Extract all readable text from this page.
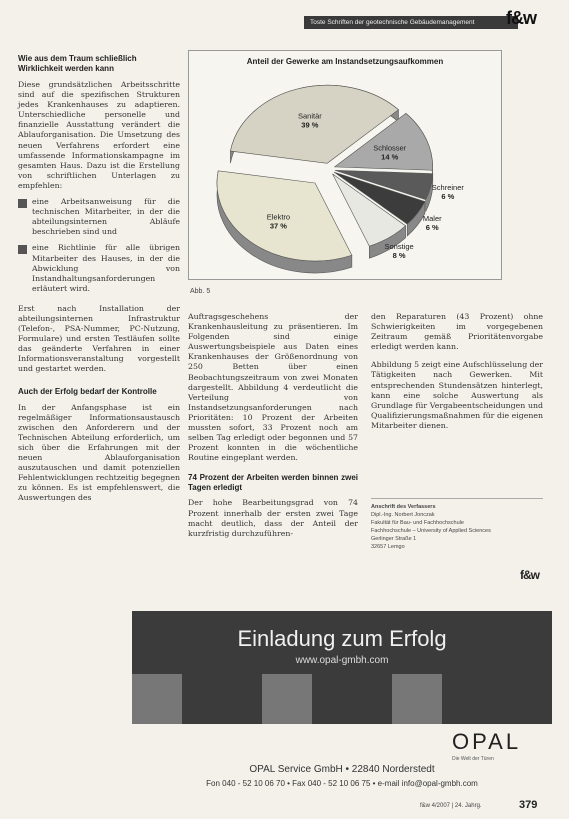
Toste Schriften der geotechnische Gebäudemanagement	f&w
Wie aus dem Traum schließlich Wirklichkeit werden kann

Diese grundsätzlichen Arbeitsschritte sind auf die spezifischen Strukturen jedes Krankenhauses zu adaptieren. Unterschiedliche personelle und finanzielle Ausstattung verändert die Ablauforganisation. Die Umsetzung des neuen Verfahrens erfordert eine umfassende Informationskampagne im gesamten Haus. Dazu ist die Erstellung von schriftlichen Unterlagen zu empfehlen:

eine Arbeitsanweisung für die technischen Mitarbeiter, in der die abteilungsinternen Abläufe beschrieben sind und

eine Richtlinie für alle übrigen Mitarbeiter des Hauses, in der die Abwicklung von Instandhaltungsanforderungen erläutert wird.

Erst nach Installation der abteilungsinternen Infrastruktur (Telefon-, PSA-Nummer, PC-Nutzung, Formulare) und ersten Testläufen sollte das geänderte Verfahren in einer Informationsveranstaltung vorgestellt und gestartet werden.

Auch der Erfolg bedarf der Kontrolle

In der Anfangsphase ist ein regelmäßiger Informationsaustausch zwischen den Anforderern und der Technischen Abteilung erforderlich, um sich über die Erfahrungen mit der neuen Ablauforganisation auszutauschen und damit potenziellen Fehlentwicklungen rechtzeitig begegnen zu können. Es ist empfehlenswert, die Auswertungen des

Anteil der Gewerke am Instandsetzungsaufkommen
Sanitär
39 %
Schlosser
14 %
Schreiner
6 %
Maler
6 %
Sonstige
8 %
Elektro
37 %
Abb. 5

Auftragsgeschehens der Krankenhausleitung zu präsentieren. Im Folgenden sind einige Auswertungsbeispiele aus Daten eines Krankenhauses der Größenordnung von 250 Betten über einen Beobachtungszeitraum von zwei Monaten dargestellt. Abbildung 4 verdeutlicht die Verteilung von Instandsetzungsanforderungen nach Prioritäten: 10 Prozent der Arbeiten mussten sofort, 33 Prozent noch am selben Tag erledigt oder begonnen und 57 Prozent konnten in die wöchentliche Routine eingeplant werden.

74 Prozent der Arbeiten werden binnen zwei Tagen erledigt

Der hohe Bearbeitungsgrad von 74 Prozent innerhalb der ersten zwei Tage macht deutlich, dass der Anteil der kurzfristig durchzuführen-

den Reparaturen (43 Prozent) ohne Schwierigkeiten im vorgegebenen Zeitraum gemäß Prioritätenvorgabe erledigt werden kann.

Abbildung 5 zeigt eine Aufschlüsselung der Tätigkeiten nach Gewerken. Mit entsprechenden Stundensätzen hinterlegt, kann eine solche Auswertung als Grundlage für Vergabeentscheidungen und Qualifizierungsmaßnahmen für die eigenen Mitarbeiter dienen.

Anschrift des Verfassers
Dipl.-Ing. Norbert Jonczak
Fakultät für Bau- und Fachhochschule
Fachhochschule – University of Applied Sciences
Gerlinger Straße 1
32657 Lemgo
f&w
Einladung zum Erfolg
www.opal-gmbh.com
OPAL
Die Welt der Türen
OPAL Service GmbH • 22840 Norderstedt
Fon 040 - 52 10 06 70 • Fax 040 - 52 10 06 75 • e-mail info@opal-gmbh.com
f&w 4/2007 | 24. Jahrg.	379
